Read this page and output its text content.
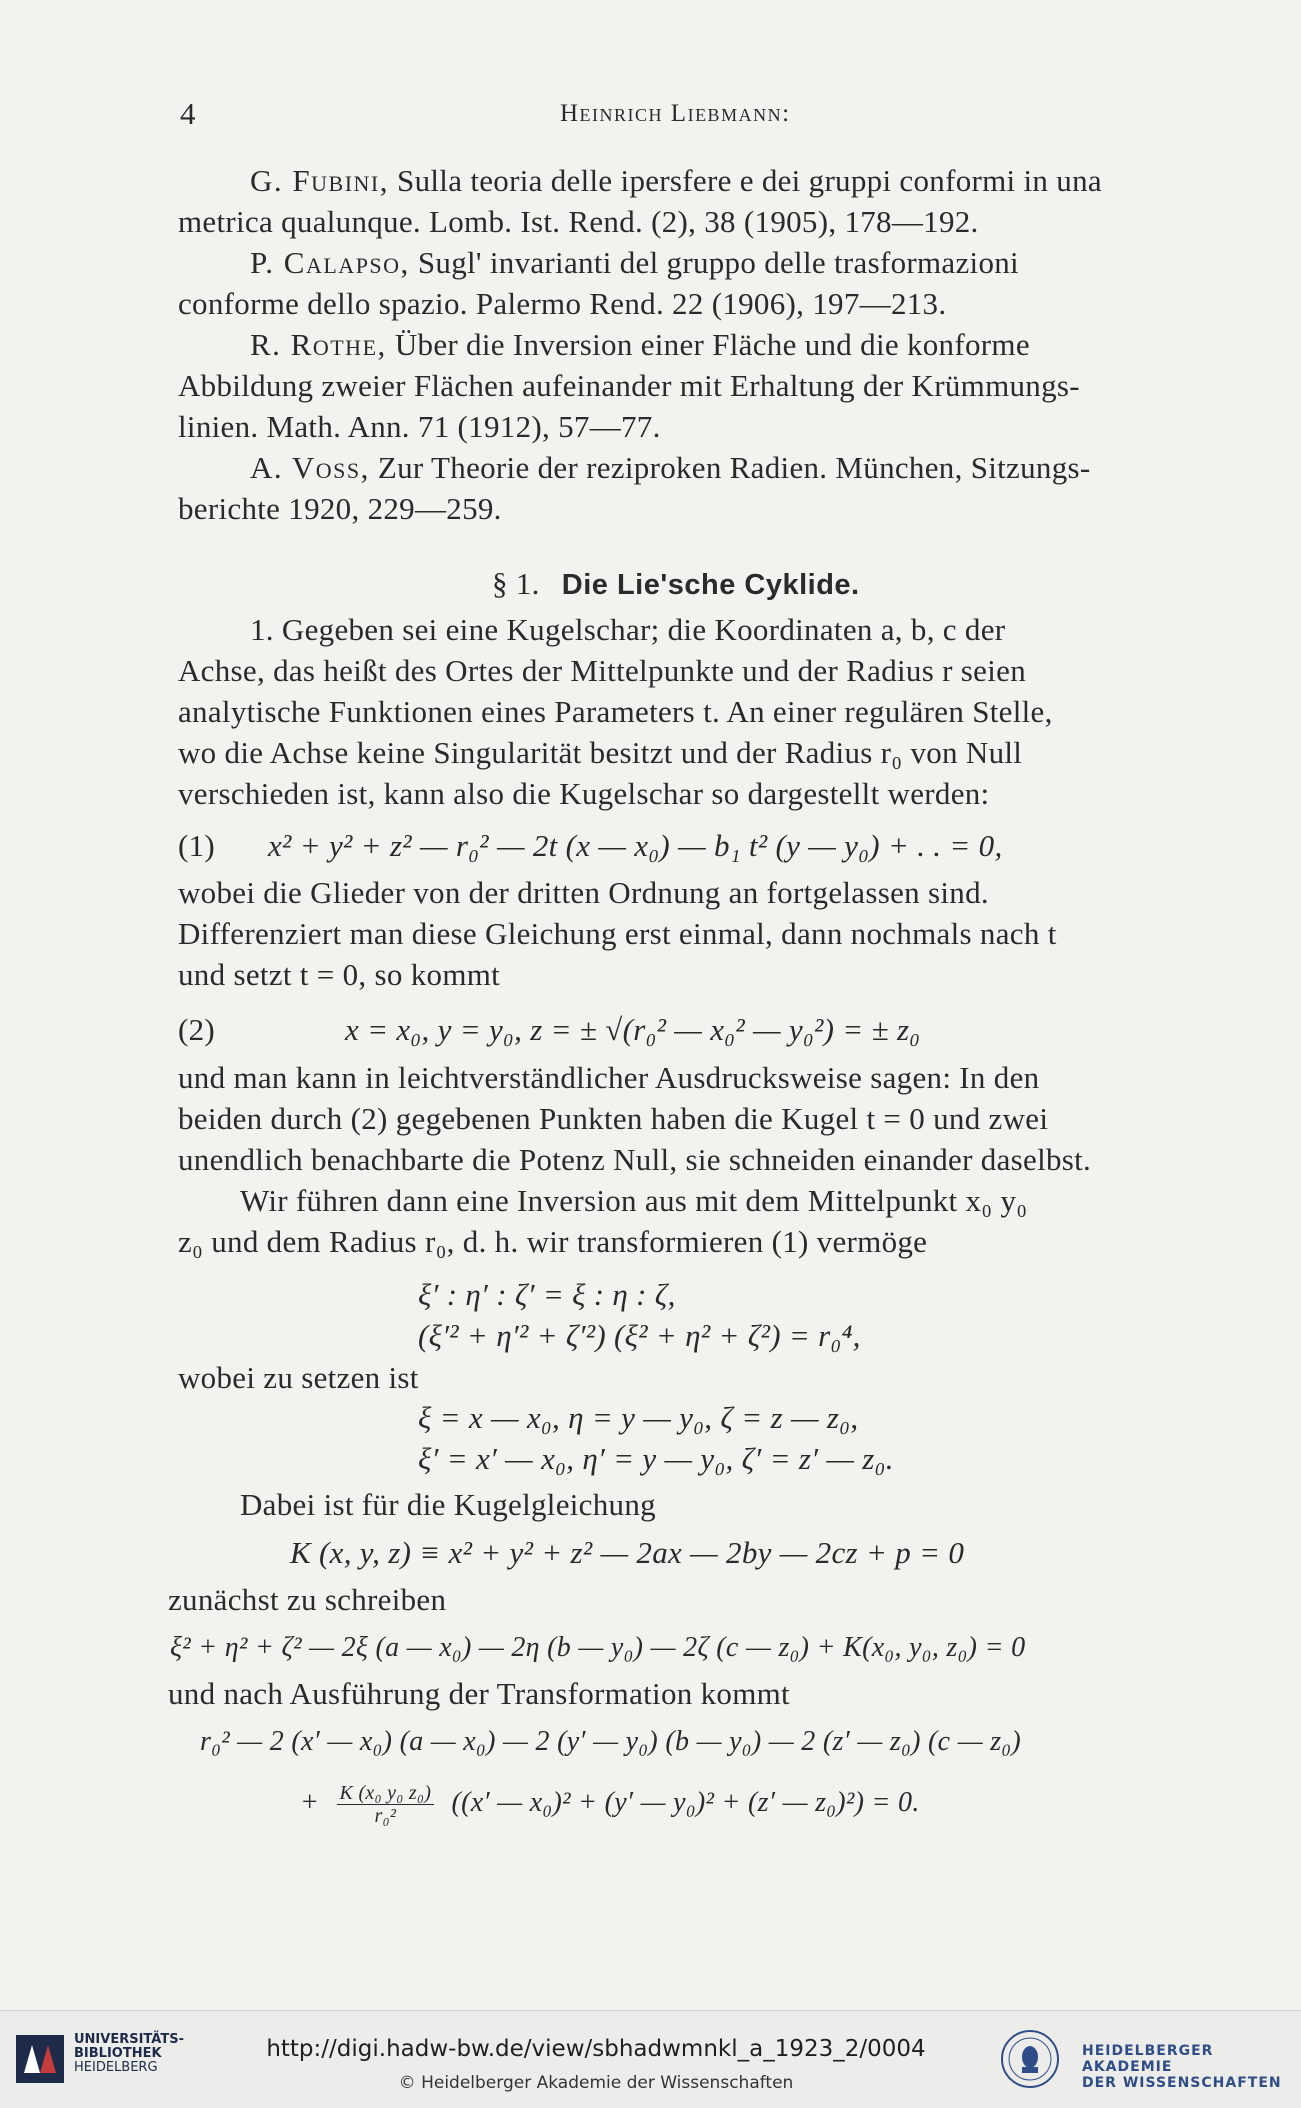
4	Heinrich Liebmann:
G. Fubini, Sulla teoria delle ipersfere e dei gruppi conformi in una
metrica qualunque. Lomb. Ist. Rend. (2), 38 (1905), 178—192.
P. Calapso, Sugl' invarianti del gruppo delle trasformazioni
conforme dello spazio. Palermo Rend. 22 (1906), 197—213.
R. Rothe, Über die Inversion einer Fläche und die konforme
Abbildung zweier Flächen aufeinander mit Erhaltung der Krümmungs-
linien. Math. Ann. 71 (1912), 57—77.
A. Voss, Zur Theorie der reziproken Radien. München, Sitzungs-
berichte 1920, 229—259.
§ 1. Die Lie'sche Cyklide.
1. Gegeben sei eine Kugelschar; die Koordinaten a, b, c der
Achse, das heißt des Ortes der Mittelpunkte und der Radius r seien
analytische Funktionen eines Parameters t. An einer regulären Stelle,
wo die Achse keine Singularität besitzt und der Radius r₀ von Null
verschieden ist, kann also die Kugelschar so dargestellt werden:
(1) x² + y² + z² — r₀² — 2t (x — x₀) — b₁ t² (y — y₀) + . . = 0,
wobei die Glieder von der dritten Ordnung an fortgelassen sind.
Differenziert man diese Gleichung erst einmal, dann nochmals nach t
und setzt t = 0, so kommt
(2)	x = x₀, y = y₀, z = ± √(r₀² — x₀² — y₀²) = ± z₀
und man kann in leichtverständlicher Ausdrucksweise sagen: In den
beiden durch (2) gegebenen Punkten haben die Kugel t = 0 und zwei
unendlich benachbarte die Potenz Null, sie schneiden einander daselbst.
Wir führen dann eine Inversion aus mit dem Mittelpunkt x₀ y₀
z₀ und dem Radius r₀, d. h. wir transformieren (1) vermöge
ξ′ : η′ : ζ′ = ξ : η : ζ,
(ξ′² + η′² + ζ′²) (ξ² + η² + ζ²) = r₀⁴,
wobei zu setzen ist
ξ = x — x₀, η = y — y₀, ζ = z — z₀,
ξ′ = x′ — x₀, η′ = y — y₀, ζ′ = z′ — z₀.
Dabei ist für die Kugelgleichung
K (x, y, z) ≡ x² + y² + z² — 2ax — 2by — 2cz + p = 0
zunächst zu schreiben
ξ² + η² + ζ² — 2ξ (a — x₀) — 2η (b — y₀) — 2ζ (c — z₀) + K(x₀, y₀, z₀) = 0
und nach Ausführung der Transformation kommt
r₀² — 2 (x′ — x₀) (a — x₀) — 2 (y′ — y₀) (b — y₀) — 2 (z′ — z₀) (c — z₀)
+ $\frac{\text{K (x₀ y₀ z₀)}}{\text{r₀²}} ((x'$ — x₀)² + (y′ — y₀)² + (z′ — z₀)²) = 0.
UNIVERSITÄTS-
BIBLIOTHEK
HEIDELBERG
http://digi.hadw-bw.de/view/sbhadwmnkl_a_1923_2/0004
© Heidelberger Akademie der Wissenschaften
HEIDELBERGER AKADEMIE
DER WISSENSCHAFTEN
